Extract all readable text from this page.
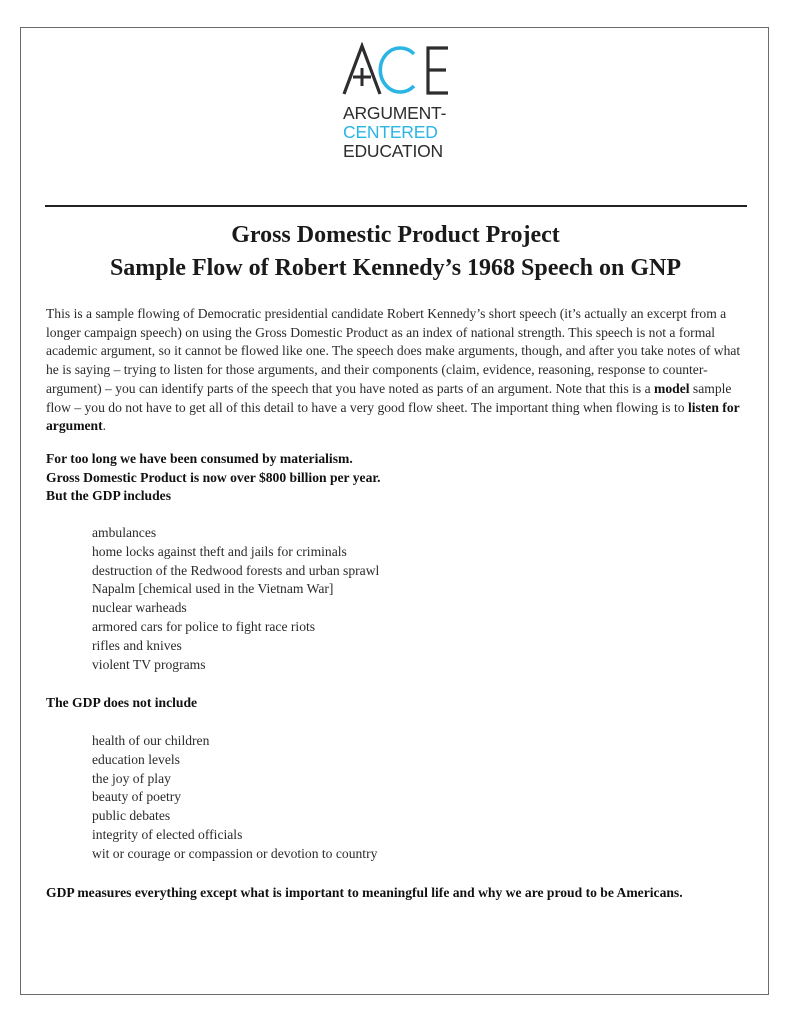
ARGUMENT-
CENTERED
EDUCATION
Gross Domestic Product Project
Sample Flow of Robert Kennedy’s 1968 Speech on GNP
This is a sample flowing of Democratic presidential candidate Robert Kennedy’s short speech (it’s actually an excerpt from a longer campaign speech) on using the Gross Domestic Product as an index of national strength. This speech is not a formal academic argument, so it cannot be flowed like one. The speech does make arguments, though, and after you take notes of what he is saying – trying to listen for those arguments, and their components (claim, evidence, reasoning, response to counter-argument) – you can identify parts of the speech that you have noted as parts of an argument. Note that this is a model sample flow – you do not have to get all of this detail to have a very good flow sheet. The important thing when flowing is to listen for argument.
For too long we have been consumed by materialism.
Gross Domestic Product is now over $800 billion per year.
But the GDP includes
ambulances
home locks against theft and jails for criminals
destruction of the Redwood forests and urban sprawl
Napalm [chemical used in the Vietnam War]
nuclear warheads
armored cars for police to fight race riots
rifles and knives
violent TV programs
The GDP does not include
health of our children
education levels
the joy of play
beauty of poetry
public debates
integrity of elected officials
wit or courage or compassion or devotion to country
GDP measures everything except what is important to meaningful life and why we are proud to be Americans.
